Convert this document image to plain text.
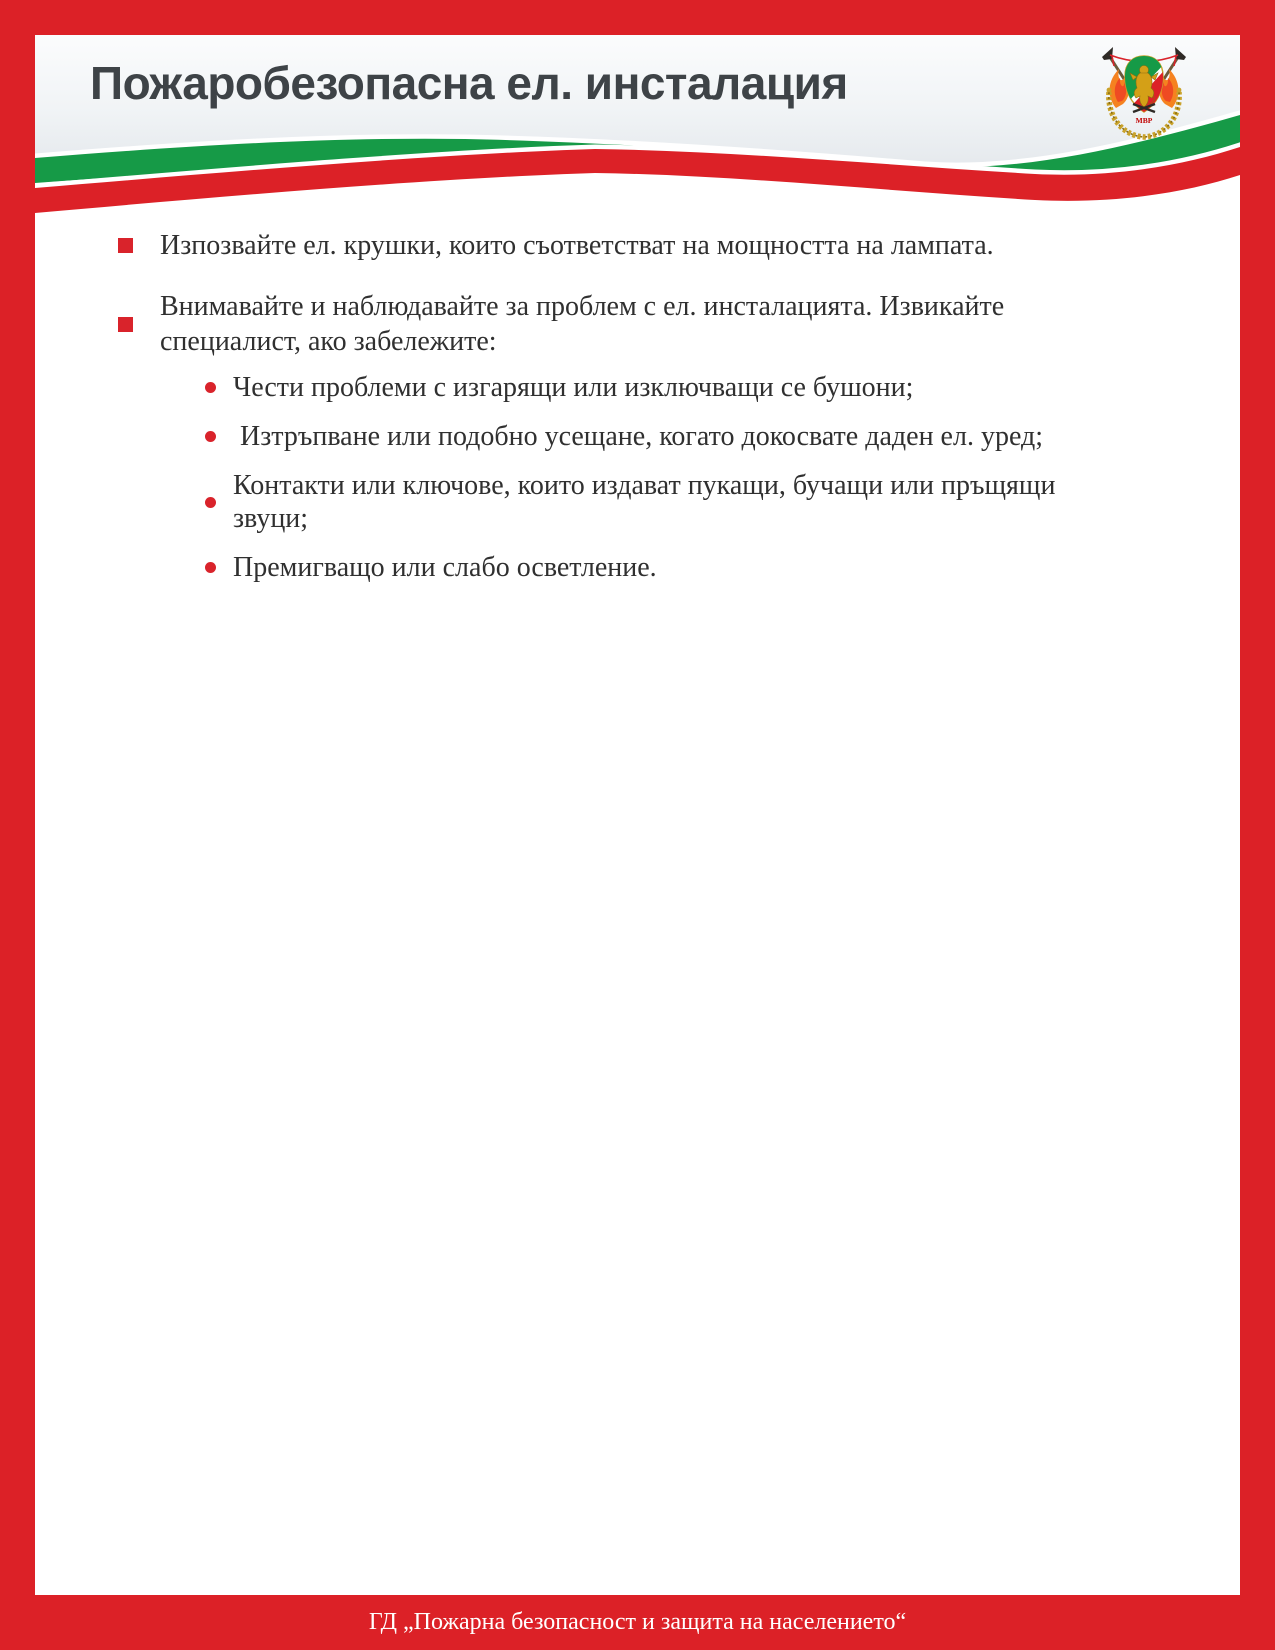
Пожаробезопасна ел. инсталация
МВР
Изпозвайте ел. крушки, които съответстват на мощността на лампата.
Внимавайте и наблюдавайте за проблем с ел. инсталацията. Извикайте специалист, ако забележите:
Чести проблеми с изгарящи или изключващи се бушони;
Изтръпване или подобно усещане, когато докосвате даден ел. уред;
Контакти или ключове, които издават пукащи, бучащи или пръщящи звуци;
Премигващо или слабо осветление.
ГД „Пожарна безопасност и защита на населението“
